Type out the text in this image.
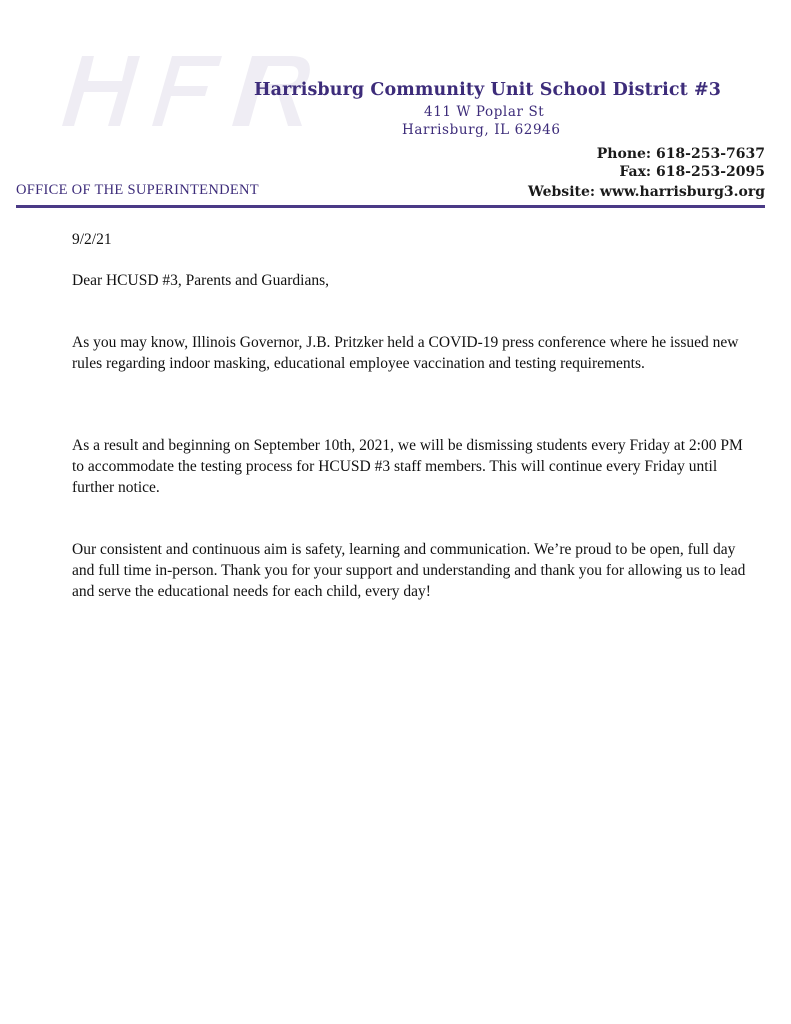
Harrisburg Community Unit School District #3
411 W Poplar St
Harrisburg, IL 62946
Phone: 618-253-7637
Fax: 618-253-2095
Website: www.harrisburg3.org
OFFICE OF THE SUPERINTENDENT
9/2/21
Dear HCUSD #3, Parents and Guardians,
As you may know, Illinois Governor, J.B. Pritzker held a COVID-19 press conference where he issued new rules regarding indoor masking, educational employee vaccination and testing requirements.
As a result and beginning on September 10th, 2021, we will be dismissing students every Friday at 2:00 PM to accommodate the testing process for HCUSD #3 staff members. This will continue every Friday until further notice.
Our consistent and continuous aim is safety, learning and communication. We’re proud to be open, full day and full time in-person. Thank you for your support and understanding and thank you for allowing us to lead and serve the educational needs for each child, every day!
